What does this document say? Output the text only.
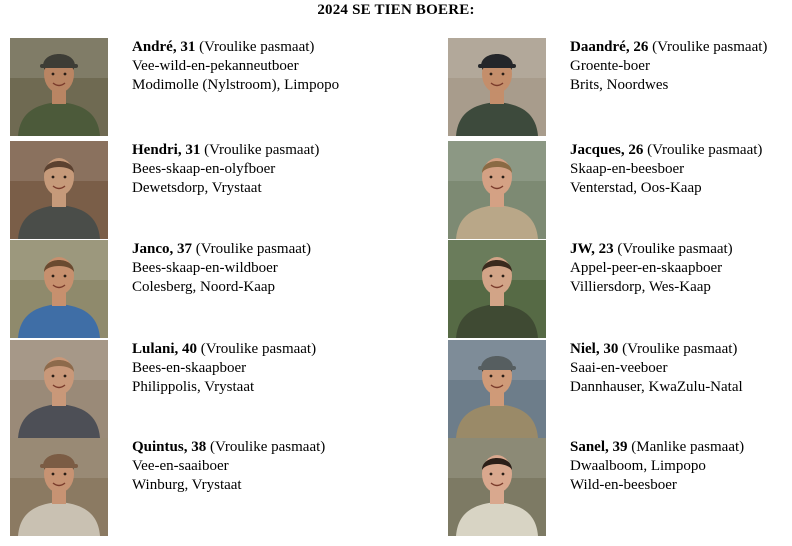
2024 SE TIEN BOERE:
André, 31 (Vroulike pasmaat)
Vee-wild-en-pekanneutboer
Modimolle (Nylstroom), Limpopo
Daandré, 26 (Vroulike pasmaat)
Groente-boer
Brits, Noordwes
Hendri, 31 (Vroulike pasmaat)
Bees-skaap-en-olyfboer
Dewetsdorp, Vrystaat
Jacques, 26 (Vroulike pasmaat)
Skaap-en-beesboer
Venterstad, Oos-Kaap
Janco, 37 (Vroulike pasmaat)
Bees-skaap-en-wildboer
Colesberg, Noord-Kaap
JW, 23 (Vroulike pasmaat)
Appel-peer-en-skaapboer
Villiersdorp, Wes-Kaap
Lulani, 40 (Vroulike pasmaat)
Bees-en-skaapboer
Philippolis, Vrystaat
Niel, 30 (Vroulike pasmaat)
Saai-en-veeboer
Dannhauser, KwaZulu-Natal
Quintus, 38 (Vroulike pasmaat)
Vee-en-saaiboer
Winburg, Vrystaat
Sanel, 39 (Manlike pasmaat)
Dwaalboom, Limpopo
Wild-en-beesboer
